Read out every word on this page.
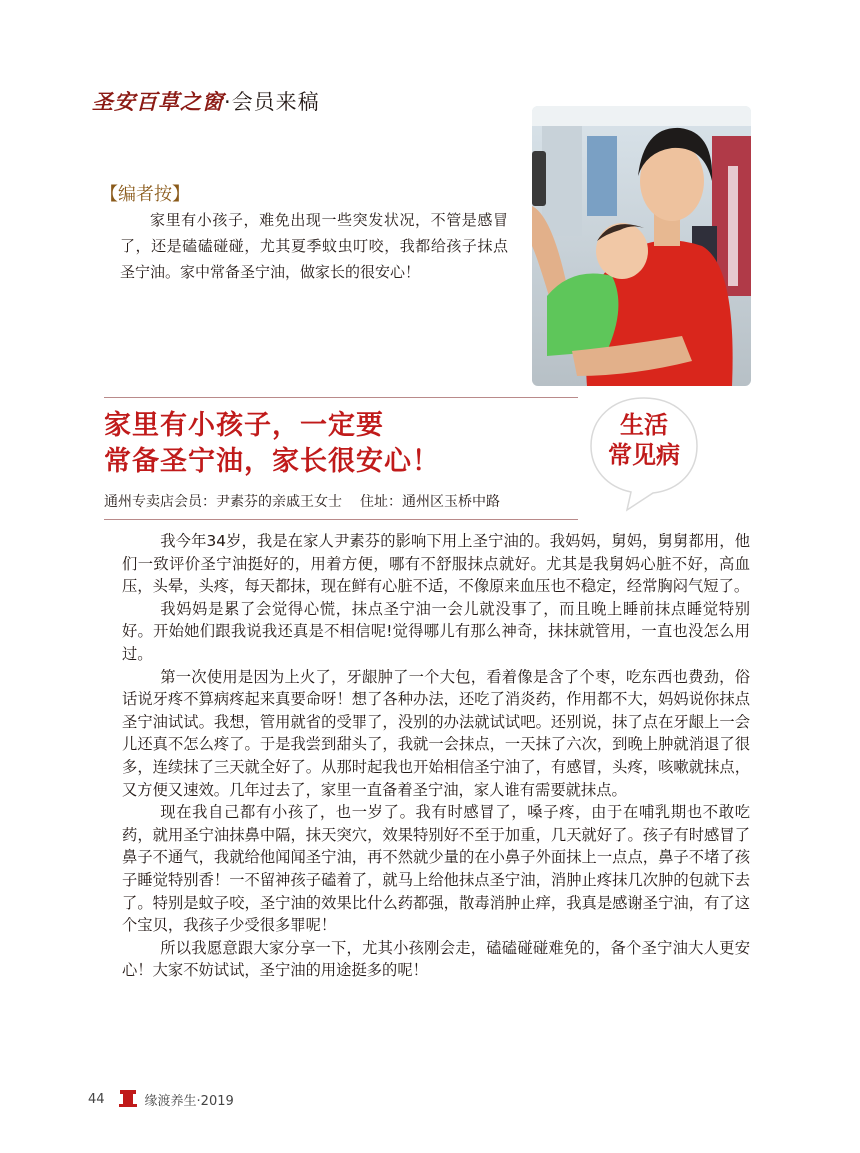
圣安百草之窗·会员来稿
【编者按】

家里有小孩子，难免出现一些突发状况，不管是感冒了，还是磕磕碰碰，尤其夏季蚊虫叮咬，我都给孩子抹点圣宁油。家中常备圣宁油，做家长的很安心！

家里有小孩子，一定要
常备圣宁油，家长很安心！
生活
常见病
通州专卖店会员：尹素芬的亲戚王女士 住址：通州区玉桥中路

我今年34岁，我是在家人尹素芬的影响下用上圣宁油的。我妈妈，舅妈，舅舅都用，他们一致评价圣宁油挺好的，用着方便，哪有不舒服抹点就好。尤其是我舅妈心脏不好，高血压，头晕，头疼，每天都抹，现在鲜有心脏不适，不像原来血压也不稳定，经常胸闷气短了。

我妈妈是累了会觉得心慌，抹点圣宁油一会儿就没事了，而且晚上睡前抹点睡觉特别好。开始她们跟我说我还真是不相信呢!觉得哪儿有那么神奇，抹抹就管用，一直也没怎么用过。

第一次使用是因为上火了，牙龈肿了一个大包，看着像是含了个枣，吃东西也费劲，俗话说牙疼不算病疼起来真要命呀！想了各种办法，还吃了消炎药，作用都不大，妈妈说你抹点圣宁油试试。我想，管用就省的受罪了，没别的办法就试试吧。还别说，抹了点在牙龈上一会儿还真不怎么疼了。于是我尝到甜头了，我就一会抹点，一天抹了六次，到晚上肿就消退了很多，连续抹了三天就全好了。从那时起我也开始相信圣宁油了，有感冒，头疼，咳嗽就抹点，又方便又速效。几年过去了，家里一直备着圣宁油，家人谁有需要就抹点。

现在我自己都有小孩了，也一岁了。我有时感冒了，嗓子疼，由于在哺乳期也不敢吃药，就用圣宁油抹鼻中隔，抹天突穴，效果特别好不至于加重，几天就好了。孩子有时感冒了鼻子不通气，我就给他闻闻圣宁油，再不然就少量的在小鼻子外面抹上一点点，鼻子不堵了孩子睡觉特别香！一不留神孩子磕着了，就马上给他抹点圣宁油，消肿止疼抹几次肿的包就下去了。特别是蚊子咬，圣宁油的效果比什么药都强，散毒消肿止痒，我真是感谢圣宁油，有了这个宝贝，我孩子少受很多罪呢！

所以我愿意跟大家分享一下，尤其小孩刚会走，磕磕碰碰难免的，备个圣宁油大人更安心！大家不妨试试，圣宁油的用途挺多的呢！

44	缘渡养生·2019
